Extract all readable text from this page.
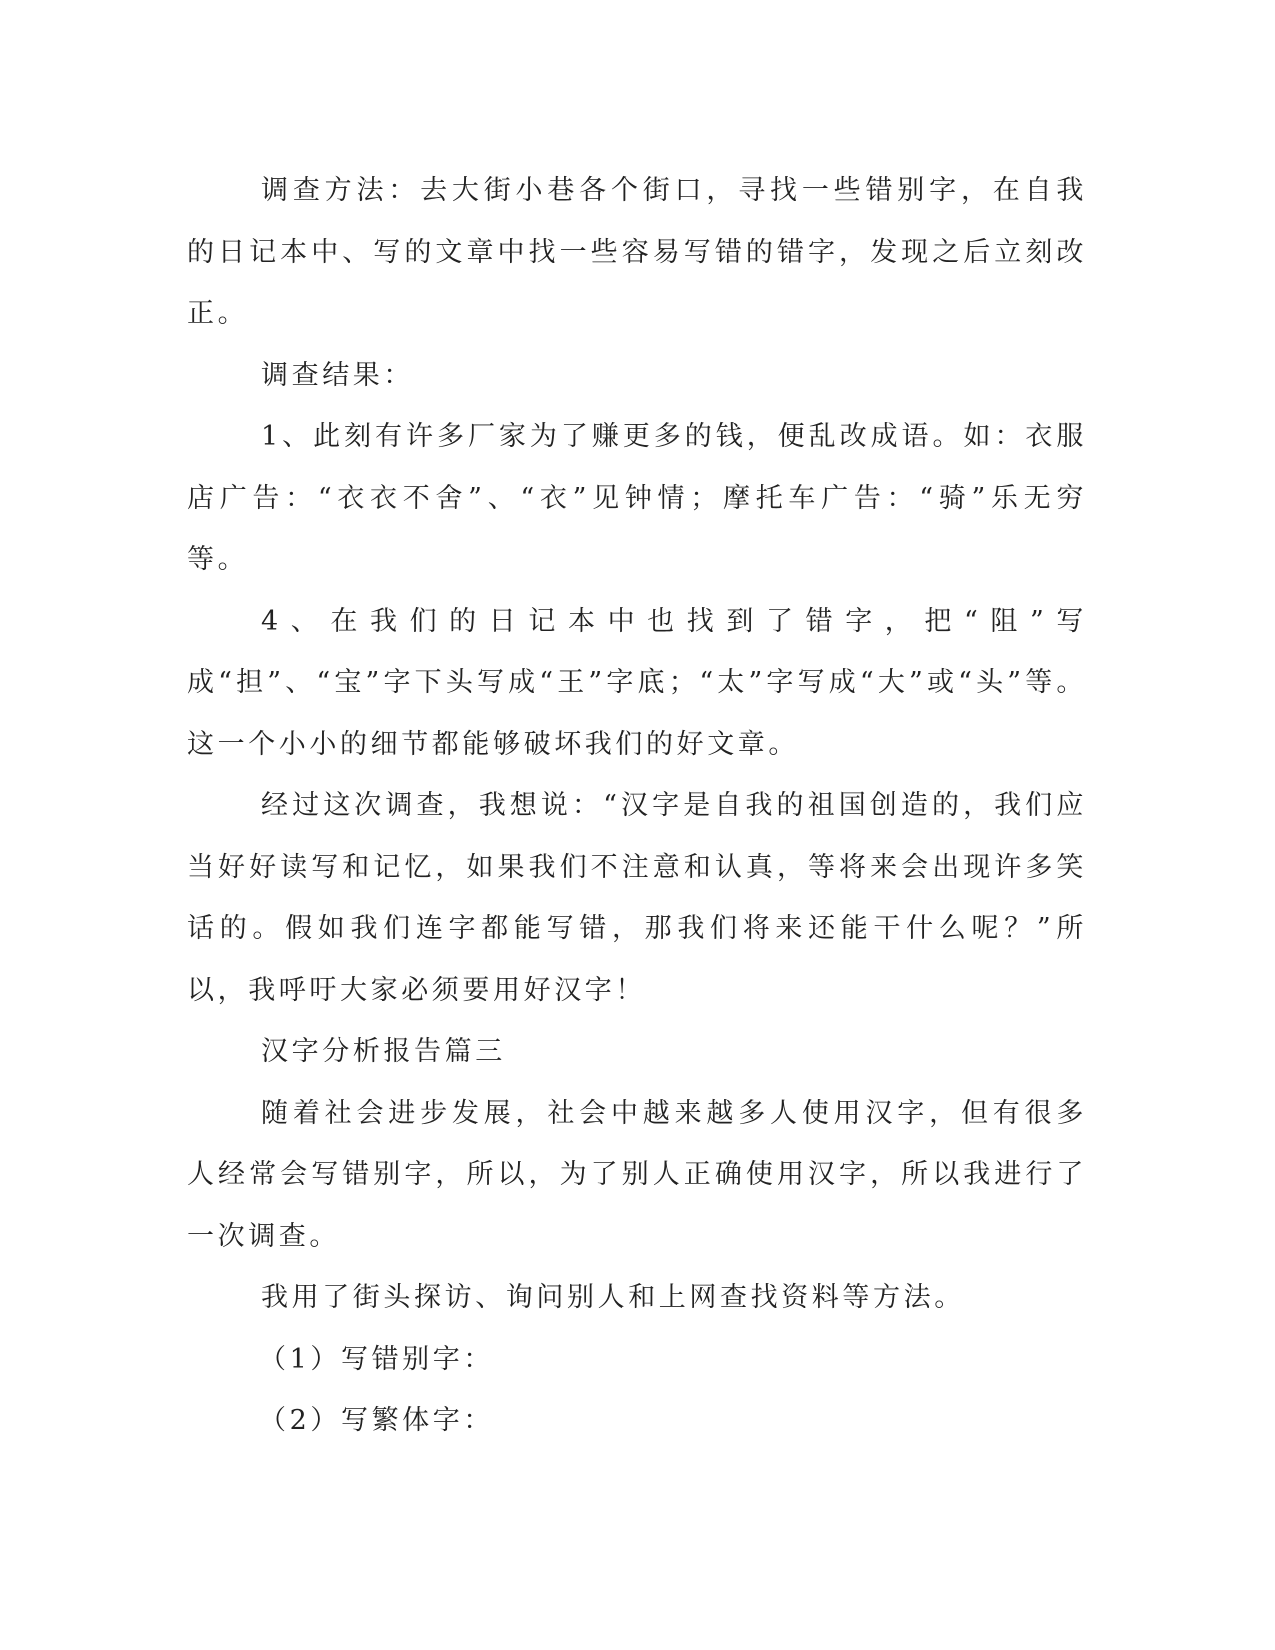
调查方法：去大街小巷各个街口，寻找一些错别字，在自我的日记本中、写的文章中找一些容易写错的错字，发现之后立刻改正。

调查结果：

1、此刻有许多厂家为了赚更多的钱，便乱改成语。如：衣服店广告：“衣衣不舍”、“衣”见钟情；摩托车广告：“骑”乐无穷等。

4、在我们的日记本中也找到了错字，把“阻”写成“担”、“宝”字下头写成“王”字底；“太”字写成“大”或“头”等。这一个小小的细节都能够破坏我们的好文章。

经过这次调查，我想说：“汉字是自我的祖国创造的，我们应当好好读写和记忆，如果我们不注意和认真，等将来会出现许多笑话的。假如我们连字都能写错，那我们将来还能干什么呢？”所以，我呼吁大家必须要用好汉字！

汉字分析报告篇三

随着社会进步发展，社会中越来越多人使用汉字，但有很多人经常会写错别字，所以，为了别人正确使用汉字，所以我进行了一次调查。

我用了街头探访、询问别人和上网查找资料等方法。

（1）写错别字：

（2）写繁体字：
